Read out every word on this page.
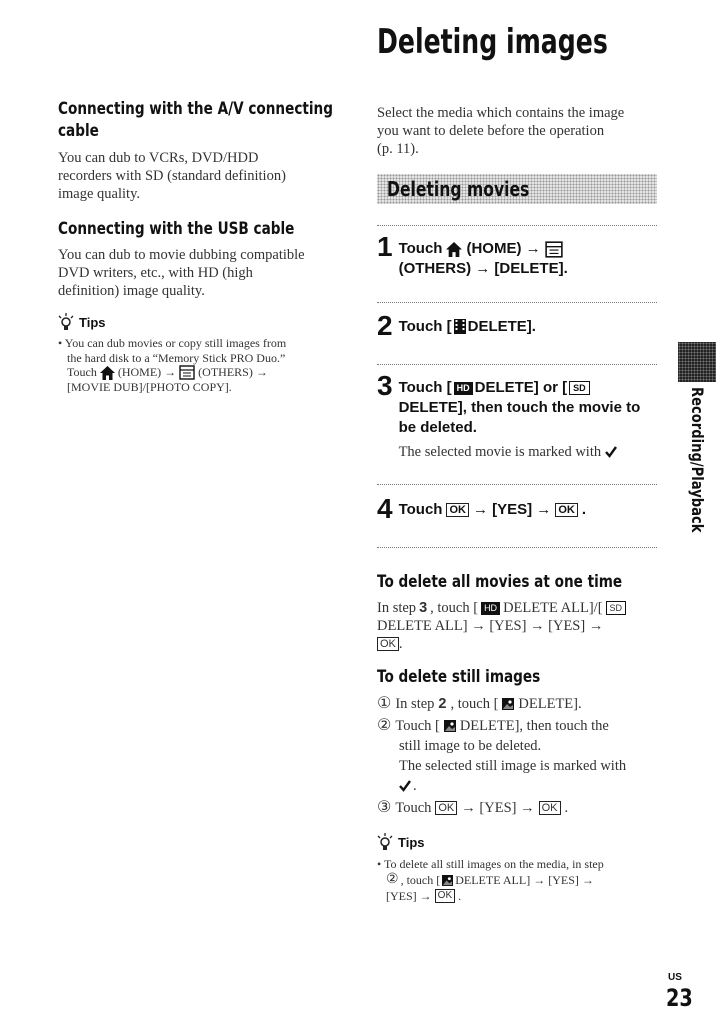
Deleting images
Connecting with the A/V connecting
cable
You can dub to VCRs, DVD/HDD
recorders with SD (standard definition)
image quality.
Connecting with the USB cable
You can dub to movie dubbing compatible
DVD writers, etc., with HD (high
definition) image quality.
Tips
• You can dub movies or copy still images from
the hard disk to a “Memory Stick PRO Duo.”
Touch (HOME) → (OTHERS) →
[MOVIE DUB]/[PHOTO COPY].
Select the media which contains the image
you want to delete before the operation
(p. 11).
Deleting movies
1 Touch (HOME) →
(OTHERS) → [DELETE].
2 Touch [ DELETE].
3 Touch [ HD DELETE] or [ SD
DELETE], then touch the movie to
be deleted.
The selected movie is marked with
4 Touch OK → [YES] → OK .
To delete all movies at one time
In step 3 , touch [ HD DELETE ALL]/[ SD
DELETE ALL] → [YES] → [YES] →
OK .
To delete still images
① In step 2 , touch [ DELETE].
② Touch [ DELETE], then touch the
still image to be deleted.
The selected still image is marked with
.
③ Touch OK → [YES] → OK .
Tips
• To delete all still images on the media, in step
② , touch [ DELETE ALL] → [YES] →
[YES] → OK .
Recording/Playback
US
23
